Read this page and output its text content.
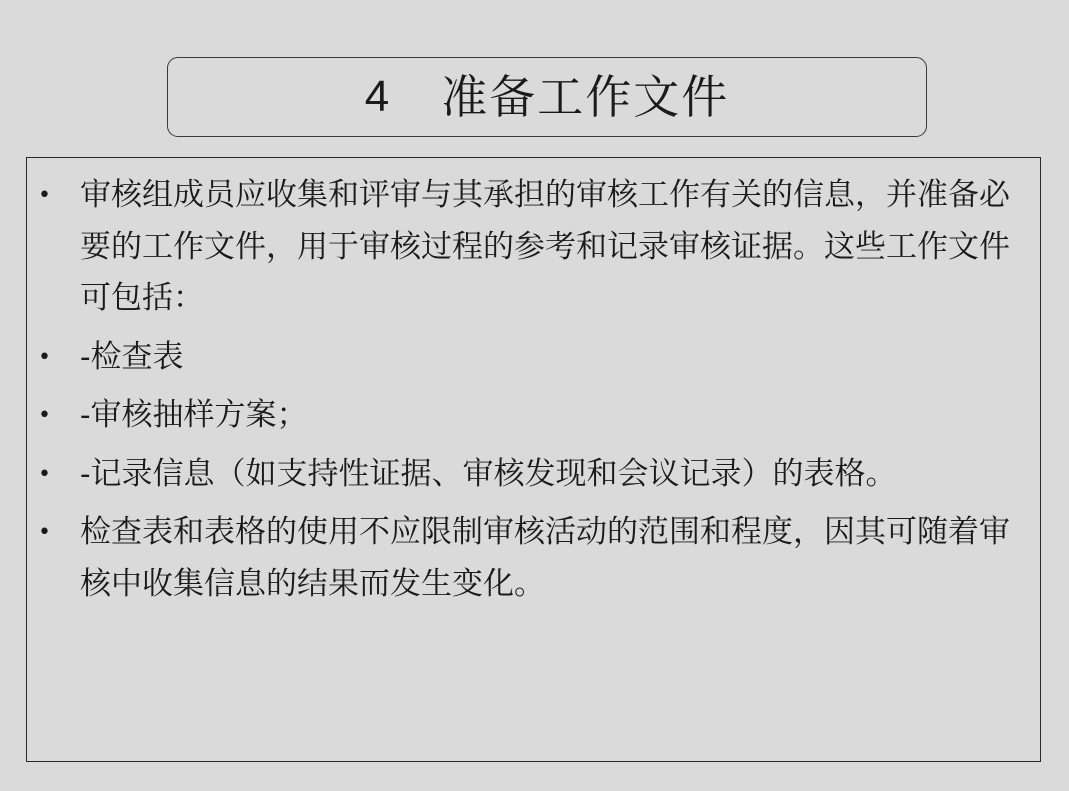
4 准备工作文件
• 审核组成员应收集和评审与其承担的审核工作有关的信息，并准备必要的工作文件，用于审核过程的参考和记录审核证据。这些工作文件可包括：
• -检查表
• -审核抽样方案；
• -记录信息（如支持性证据、审核发现和会议记录）的表格。
• 检查表和表格的使用不应限制审核活动的范围和程度，因其可随着审核中收集信息的结果而发生变化。
